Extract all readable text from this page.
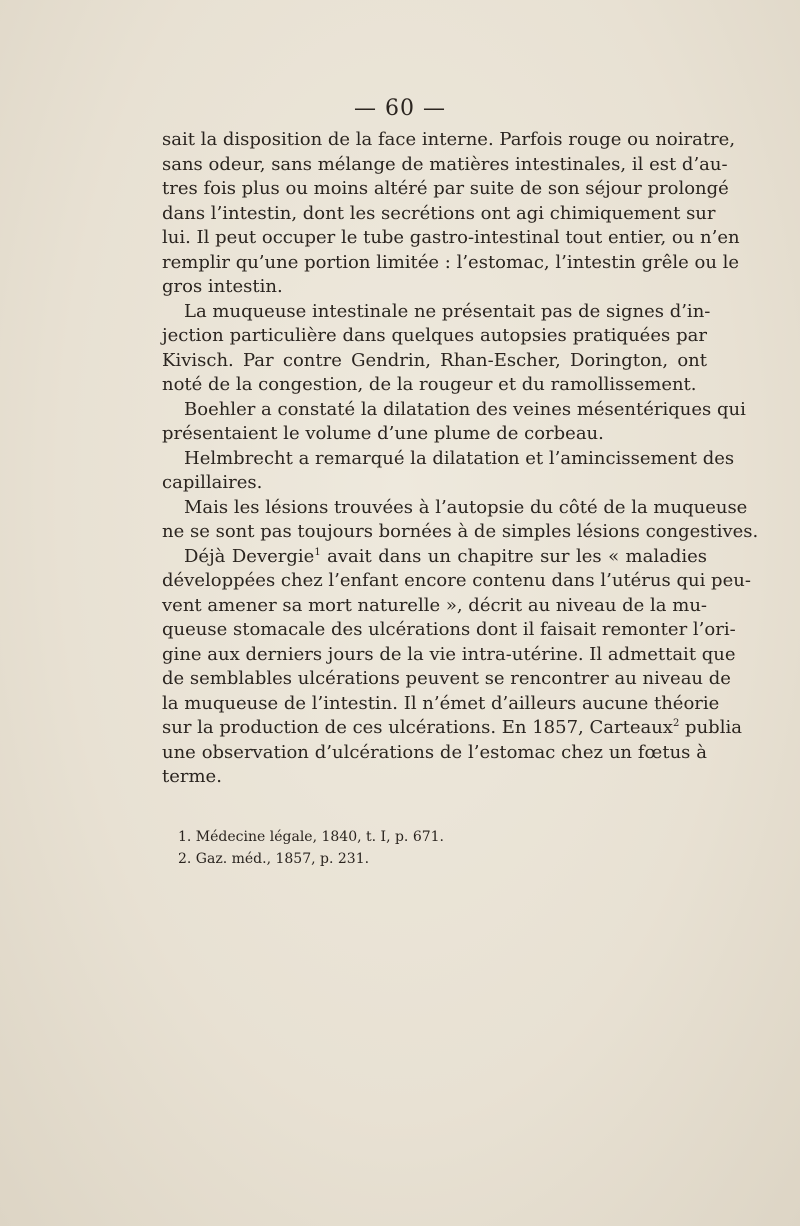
— 60 —
sait la disposition de la face interne. Parfois rouge ou noiratre,
sans odeur, sans mélange de matières intestinales, il est d’au-
tres fois plus ou moins altéré par suite de son séjour prolongé
dans l’intestin, dont les secrétions ont agi chimiquement sur
lui. Il peut occuper le tube gastro-intestinal tout entier, ou n’en
remplir qu’une portion limitée : l’estomac, l’intestin grêle ou le
gros intestin.
La muqueuse intestinale ne présentait pas de signes d’in-
jection particulière dans quelques autopsies pratiquées par
Kivisch. Par contre Gendrin, Rhan-Escher, Dorington, ont
noté de la congestion, de la rougeur et du ramollissement.
Boehler a constaté la dilatation des veines mésentériques qui
présentaient le volume d’une plume de corbeau.
Helmbrecht a remarqué la dilatation et l’amincissement des
capillaires.
Mais les lésions trouvées à l’autopsie du côté de la muqueuse
ne se sont pas toujours bornées à de simples lésions congestives.
Déjà Devergie$^1$ avait dans un chapitre sur les « maladies
développées chez l’enfant encore contenu dans l’utérus qui peu-
vent amener sa mort naturelle », décrit au niveau de la mu-
queuse stomacale des ulcérations dont il faisait remonter l’ori-
gine aux derniers jours de la vie intra-utérine. Il admettait que
de semblables ulcérations peuvent se rencontrer au niveau de
la muqueuse de l’intestin. Il n’émet d’ailleurs aucune théorie
sur la production de ces ulcérations. En 1857, Carteaux$^2$ publia
une observation d’ulcérations de l’estomac chez un fœtus à
terme.
1. Médecine légale, 1840, t. I, p. 671.
2. Gaz. méd., 1857, p. 231.
